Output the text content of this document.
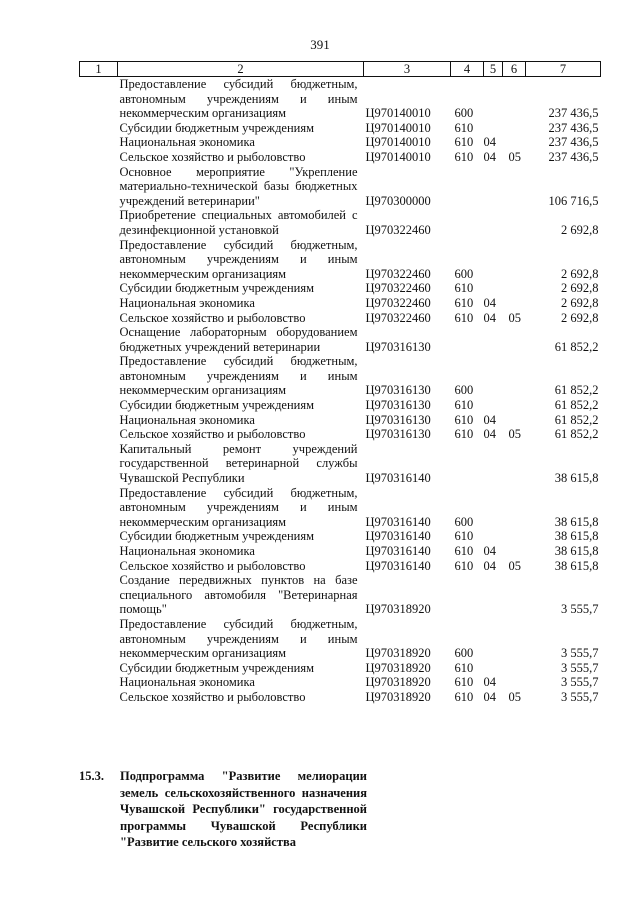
391
1	2	3	4	5	6	7
	Предоставление субсидий бюджетным, автономным учреждениям и иным некоммерческим организациям	Ц970140010	600			237 436,5
	Субсидии бюджетным учреждениям	Ц970140010	610			237 436,5
	Национальная экономика	Ц970140010	610	04		237 436,5
	Сельское хозяйство и рыболовство	Ц970140010	610	04	05	237 436,5
	Основное мероприятие "Укрепление материально-технической базы бюджетных учреждений ветеринарии"	Ц970300000				106 716,5
	Приобретение специальных автомобилей с дезинфекционной установкой	Ц970322460				2 692,8
	Предоставление субсидий бюджетным, автономным учреждениям и иным некоммерческим организациям	Ц970322460	600			2 692,8
	Субсидии бюджетным учреждениям	Ц970322460	610			2 692,8
	Национальная экономика	Ц970322460	610	04		2 692,8
	Сельское хозяйство и рыболовство	Ц970322460	610	04	05	2 692,8
	Оснащение лабораторным оборудованием бюджетных учреждений ветеринарии	Ц970316130				61 852,2
	Предоставление субсидий бюджетным, автономным учреждениям и иным некоммерческим организациям	Ц970316130	600			61 852,2
	Субсидии бюджетным учреждениям	Ц970316130	610			61 852,2
	Национальная экономика	Ц970316130	610	04		61 852,2
	Сельское хозяйство и рыболовство	Ц970316130	610	04	05	61 852,2
	Капитальный ремонт учреждений государственной ветеринарной службы Чувашской Республики	Ц970316140				38 615,8
	Предоставление субсидий бюджетным, автономным учреждениям и иным некоммерческим организациям	Ц970316140	600			38 615,8
	Субсидии бюджетным учреждениям	Ц970316140	610			38 615,8
	Национальная экономика	Ц970316140	610	04		38 615,8
	Сельское хозяйство и рыболовство	Ц970316140	610	04	05	38 615,8
	Создание передвижных пунктов на базе специального автомобиля "Ветеринарная помощь"	Ц970318920				3 555,7
	Предоставление субсидий бюджетным, автономным учреждениям и иным некоммерческим организациям	Ц970318920	600			3 555,7
	Субсидии бюджетным учреждениям	Ц970318920	610			3 555,7
	Национальная экономика	Ц970318920	610	04		3 555,7
	Сельское хозяйство и рыболовство	Ц970318920	610	04	05	3 555,7
15.3. Подпрограмма "Развитие мелиорации земель сельскохозяйственного назначения Чувашской Республики" государственной программы Чувашской Республики "Развитие сельского хозяйства
